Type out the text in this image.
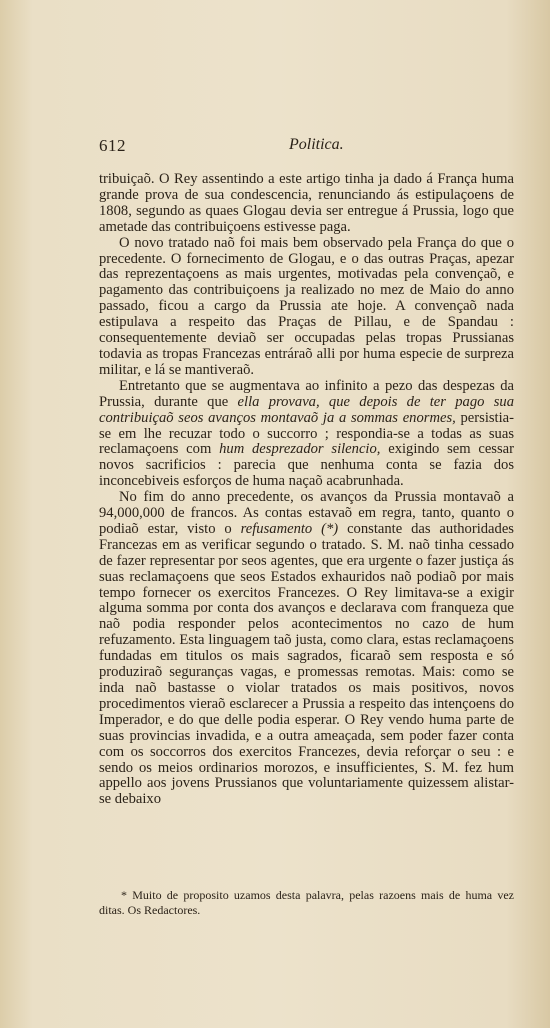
612	Politica.

tribuiçaõ. O Rey assentindo a este artigo tinha ja dado á França huma grande prova de sua condescencia, renunciando ás estipulaçoens de 1808, segundo as quaes Glogau devia ser entregue á Prussia, logo que ametade das contribuiçoens estivesse paga.

O novo tratado naõ foi mais bem observado pela França do que o precedente. O fornecimento de Glogau, e o das outras Praças, apezar das reprezentaçoens as mais urgentes, motivadas pela convençaõ, e pagamento das contribuiçoens ja realizado no mez de Maio do anno passado, ficou a cargo da Prussia ate hoje. A convençaõ nada estipulava a respeito das Praças de Pillau, e de Spandau : consequentemente deviaõ ser occupadas pelas tropas Prussianas todavia as tropas Francezas entráraõ alli por huma especie de surpreza militar, e lá se mantiveraõ.

Entretanto que se augmentava ao infinito a pezo das despezas da Prussia, durante que ella provava, que depois de ter pago sua contribuiçaõ seos avanços montavaõ ja a sommas enormes, persistia-se em lhe recuzar todo o succorro ; respondia-se a todas as suas reclamaçoens com hum desprezador silencio, exigindo sem cessar novos sacrificios : parecia que nenhuma conta se fazia dos inconcebiveis esforços de huma naçaõ acabrunhada.

No fim do anno precedente, os avanços da Prussia montavaõ a 94,000,000 de francos. As contas estavaõ em regra, tanto, quanto o podiaõ estar, visto o refusamento (*) constante das authoridades Francezas em as verificar segundo o tratado. S. M. naõ tinha cessado de fazer representar por seos agentes, que era urgente o fazer justiça ás suas reclamaçoens que seos Estados exhauridos naõ podiaõ por mais tempo fornecer os exercitos Francezes. O Rey limitava-se a exigir alguma somma por conta dos avanços e declarava com franqueza que naõ podia responder pelos acontecimentos no cazo de hum refuzamento. Esta linguagem taõ justa, como clara, estas reclamaçoens fundadas em titulos os mais sagrados, ficaraõ sem resposta e só produziraõ seguranças vagas, e promessas remotas. Mais: como se inda naõ bastasse o violar tratados os mais positivos, novos procedimentos vieraõ esclarecer a Prussia a respeito das intençoens do Imperador, e do que delle podia esperar. O Rey vendo huma parte de suas provincias invadida, e a outra ameaçada, sem poder fazer conta com os soccorros dos exercitos Francezes, devia reforçar o seu : e sendo os meios ordinarios morozos, e insufficientes, S. M. fez hum appello aos jovens Prussianos que voluntariamente quizessem alistar-se debaixo

* Muito de proposito uzamos desta palavra, pelas razoens mais de huma vez ditas. Os Redactores.
